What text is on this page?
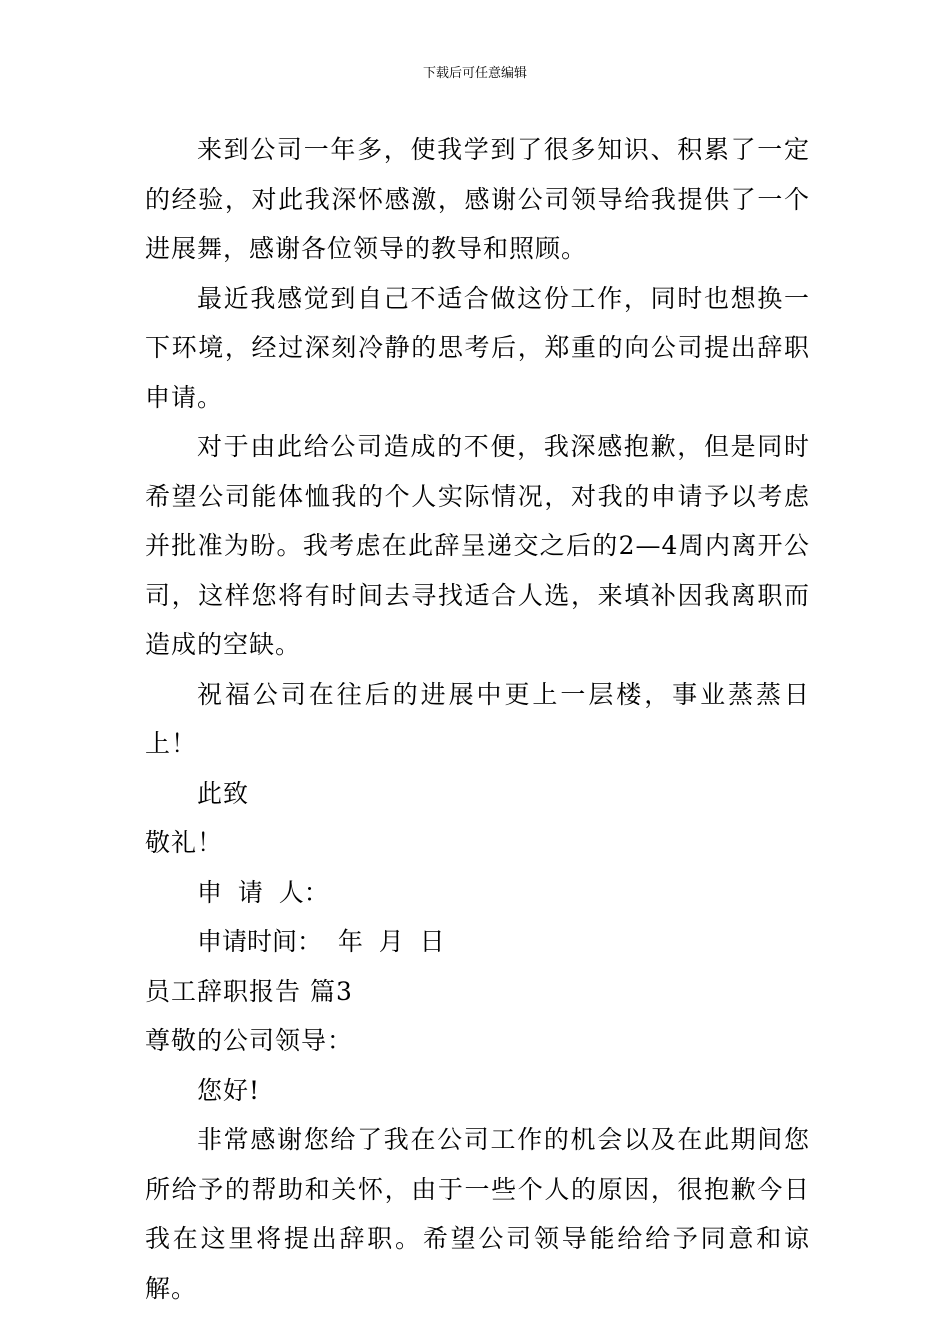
下载后可任意编辑

来到公司一年多，使我学到了很多知识、积累了一定的经验，对此我深怀感激，感谢公司领导给我提供了一个进展舞，感谢各位领导的教导和照顾。

最近我感觉到自己不适合做这份工作，同时也想换一下环境，经过深刻冷静的思考后，郑重的向公司提出辞职申请。

对于由此给公司造成的不便，我深感抱歉，但是同时希望公司能体恤我的个人实际情况，对我的申请予以考虑并批准为盼。我考虑在此辞呈递交之后的2—4周内离开公司，这样您将有时间去寻找适合人选，来填补因我离职而造成的空缺。

祝福公司在往后的进展中更上一层楼，事业蒸蒸日上！

此致

敬礼！

申  请  人：

申请时间：  年  月  日

员工辞职报告 篇3

尊敬的公司领导：

您好!

非常感谢您给了我在公司工作的机会以及在此期间您所给予的帮助和关怀，由于一些个人的原因，很抱歉今日我在这里将提出辞职。希望公司领导能给给予同意和谅解。
